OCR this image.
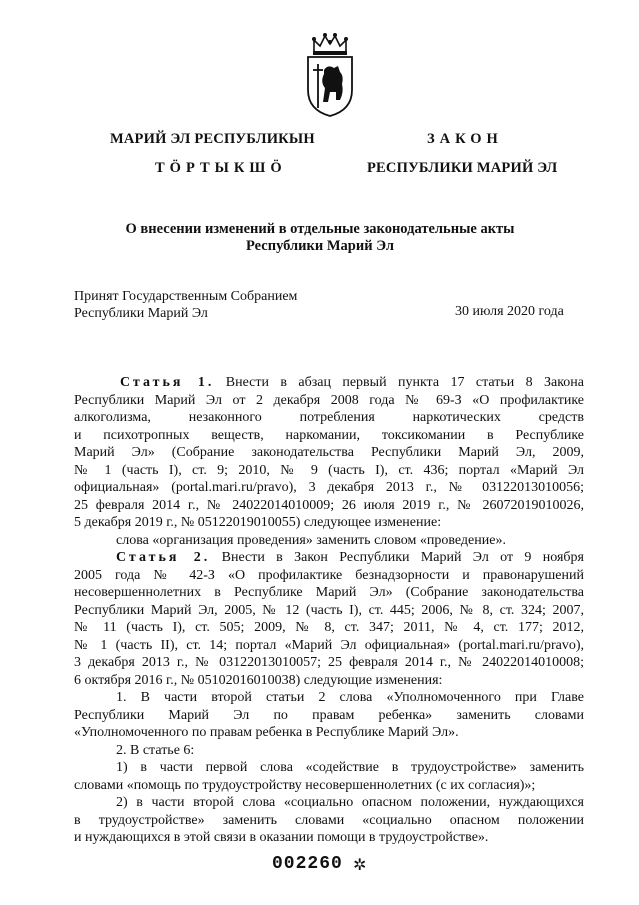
МАРИЙ ЭЛ РЕСПУБЛИКЫН
ТӦРТЫКШӦ
ЗАКОН
РЕСПУБЛИКИ МАРИЙ ЭЛ
О внесении изменений в отдельные законодательные акты
Республики Марий Эл
Принят Государственным Собранием
Республики Марий Эл	30 июля 2020 года
Статья 1. Внести в абзац первый пункта 17 статьи 8 Закона
Республики Марий Эл от 2 декабря 2008 года № 69-З «О профилактике
алкоголизма, незаконного потребления наркотических средств
и психотропных веществ, наркомании, токсикомании в Республике
Марий Эл» (Собрание законодательства Республики Марий Эл, 2009,
№ 1 (часть I), ст. 9; 2010, № 9 (часть I), ст. 436; портал «Марий Эл
официальная» (portal.mari.ru/pravo), 3 декабря 2013 г., № 03122013010056;
25 февраля 2014 г., № 24022014010009; 26 июля 2019 г., № 26072019010026,
5 декабря 2019 г., № 05122019010055) следующее изменение:
слова «организация проведения» заменить словом «проведение».
Статья 2. Внести в Закон Республики Марий Эл от 9 ноября
2005 года № 42-З «О профилактике безнадзорности и правонарушений
несовершеннолетних в Республике Марий Эл» (Собрание законодательства
Республики Марий Эл, 2005, № 12 (часть I), ст. 445; 2006, № 8, ст. 324; 2007,
№ 11 (часть I), ст. 505; 2009, № 8, ст. 347; 2011, № 4, ст. 177; 2012,
№ 1 (часть II), ст. 14; портал «Марий Эл официальная» (portal.mari.ru/pravo),
3 декабря 2013 г., № 03122013010057; 25 февраля 2014 г., № 24022014010008;
6 октября 2016 г., № 05102016010038) следующие изменения:
1. В части второй статьи 2 слова «Уполномоченного при Главе
Республики Марий Эл по правам ребенка» заменить словами
«Уполномоченного по правам ребенка в Республике Марий Эл».
2. В статье 6:
1) в части первой слова «содействие в трудоустройстве» заменить
словами «помощь по трудоустройству несовершеннолетних (с их согласия)»;
2) в части второй слова «социально опасном положении, нуждающихся
в трудоустройстве» заменить словами «социально опасном положении
и нуждающихся в этой связи в оказании помощи в трудоустройстве».
002260 ✲
